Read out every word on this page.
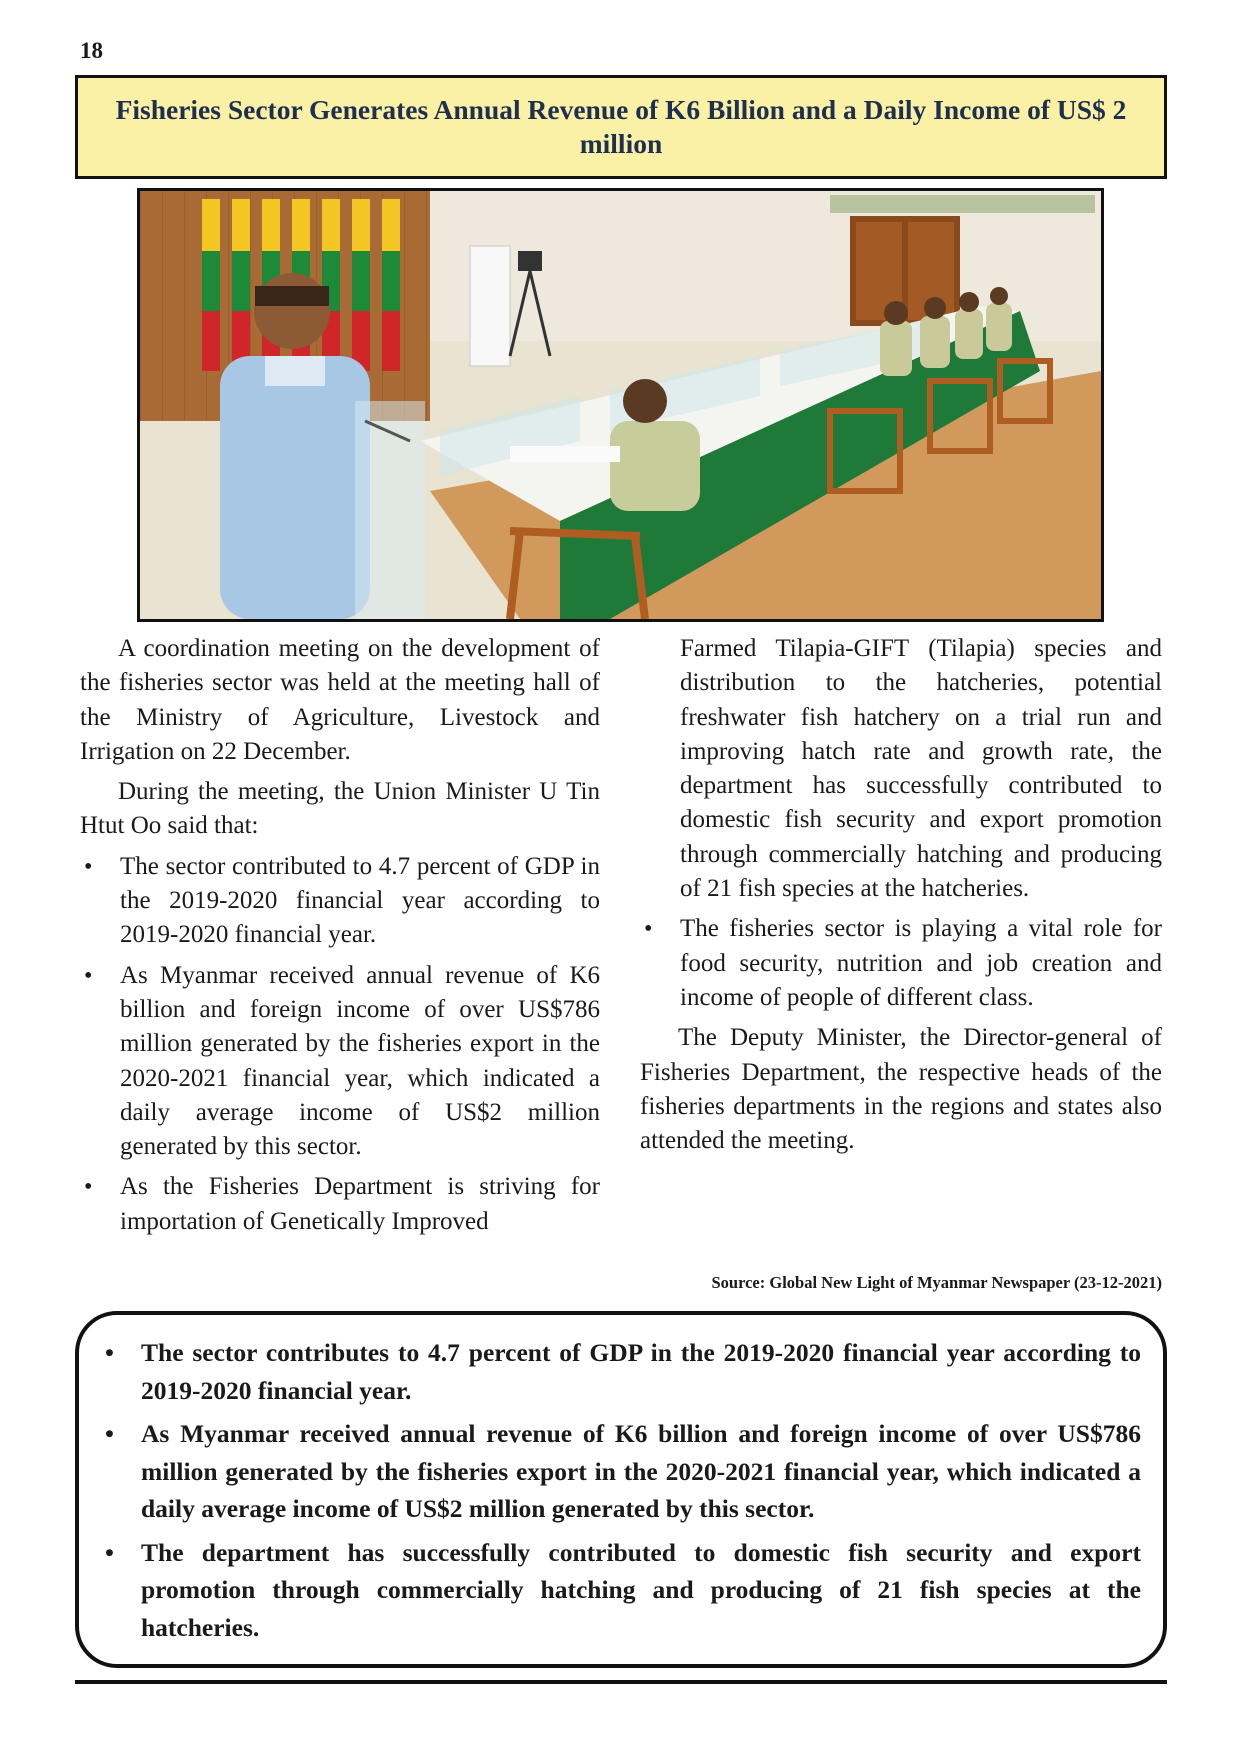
18
Fisheries Sector Generates Annual Revenue of K6 Billion and a Daily Income of US$ 2 million

A coordination meeting on the development of the fisheries sector was held at the meeting hall of the Ministry of Agriculture, Livestock and Irrigation on 22 December.

During the meeting, the Union Minister U Tin Htut Oo said that:

• The sector contributed to 4.7 percent of GDP in the 2019-2020 financial year according to 2019-2020 financial year.
• As Myanmar received annual revenue of K6 billion and foreign income of over US$786 million generated by the fisheries export in the 2020-2021 financial year, which indicated a daily average income of US$2 million generated by this sector.
• As the Fisheries Department is striving for importation of Genetically Improved

Farmed Tilapia-GIFT (Tilapia) species and distribution to the hatcheries, potential freshwater fish hatchery on a trial run and improving hatch rate and growth rate, the department has successfully contributed to domestic fish security and export promotion through commercially hatching and producing of 21 fish species at the hatcheries.

• The fisheries sector is playing a vital role for food security, nutrition and job creation and income of people of different class.

The Deputy Minister, the Director-general of Fisheries Department, the respective heads of the fisheries departments in the regions and states also attended the meeting.

Source: Global New Light of Myanmar Newspaper (23-12-2021)
• The sector contributes to 4.7 percent of GDP in the 2019-2020 financial year according to 2019-2020 financial year.
• As Myanmar received annual revenue of K6 billion and foreign income of over US$786 million generated by the fisheries export in the 2020-2021 financial year, which indicated a daily average income of US$2 million generated by this sector.
• The department has successfully contributed to domestic fish security and export promotion through commercially hatching and producing of 21 fish species at the hatcheries.
